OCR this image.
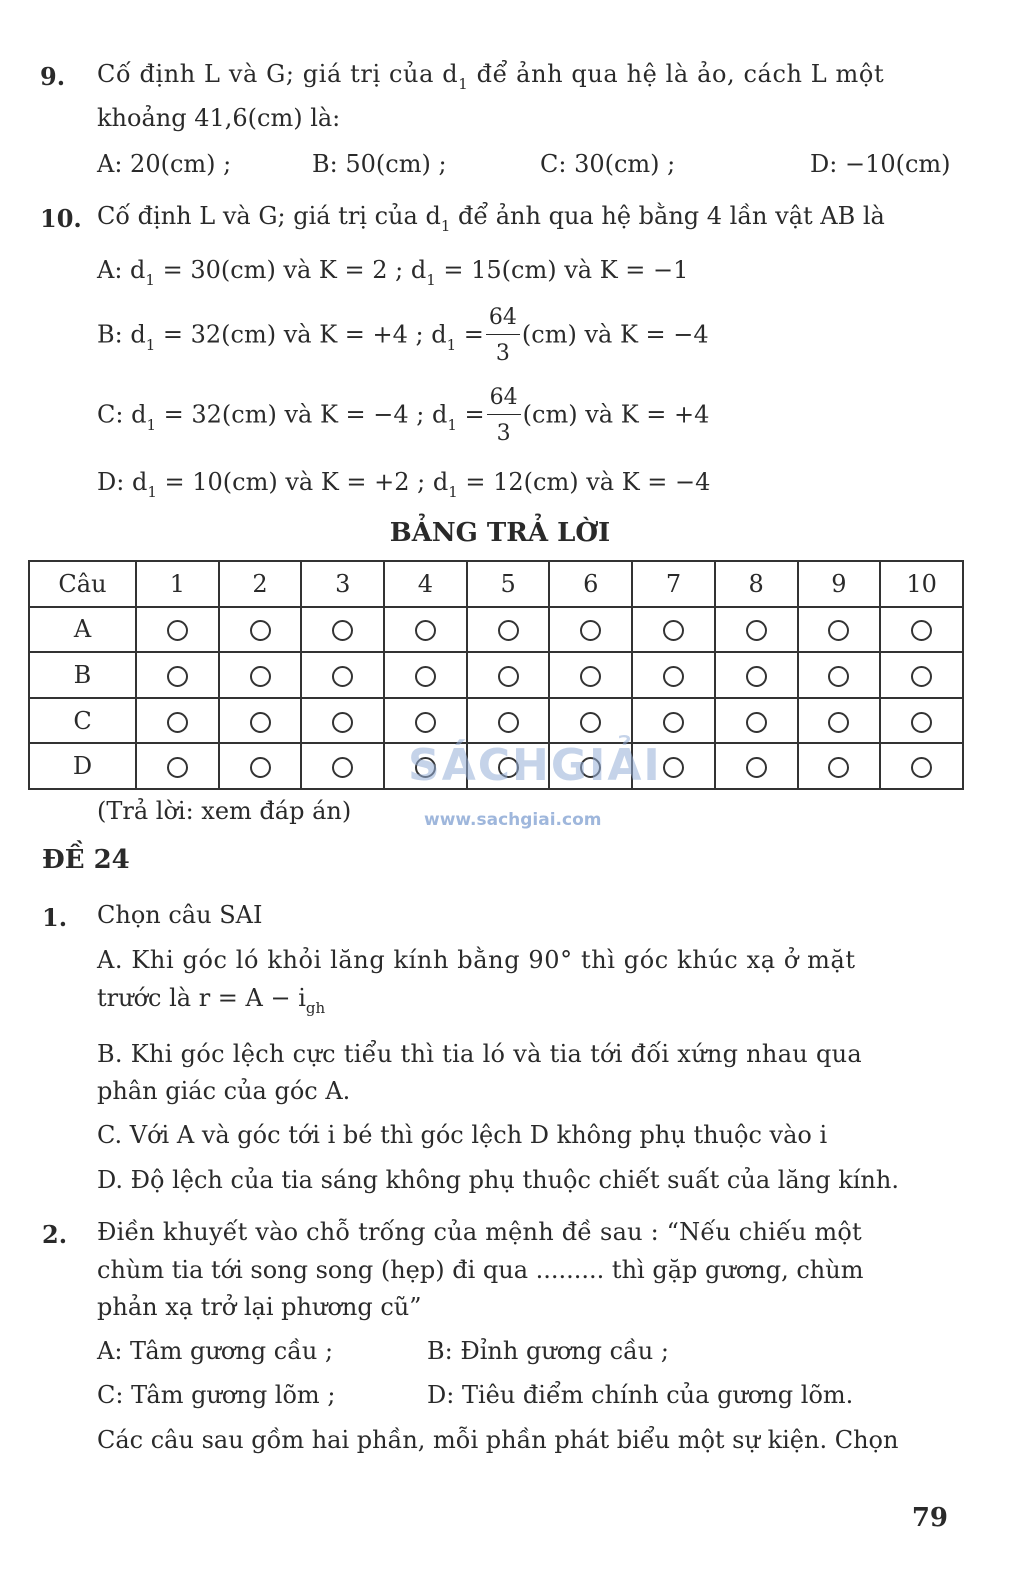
9. Cố định L và G; giá trị của $d_1$ để ảnh qua hệ là ảo, cách L một
khoảng 41,6(cm) là:
A: 20(cm) ;	B: 50(cm) ;	C: 30(cm) ;	D: −10(cm)
10. Cố định L và G; giá trị của $d_1$ để ảnh qua hệ bằng 4 lần vật AB là
A: $d_1 = 30(cm)$ và K = 2 ; $d_1 = 15(cm)$ và K = −1
B: $d_1 = 32(cm)$ và K = +4 ; $d_1 = \frac{64}{3} (cm)$ và K = −4
C: $d_1 = 32(cm)$ và K = −4 ; $d_1 = \frac{64}{3} (cm)$ và K = +4
D: $d_1 = 10(cm)$ và K = +2 ; $d_1 = 12(cm)$ và K = −4
BẢNG TRẢ LỜI
Câu	1	2	3	4	5	6	7	8	9	10
A										
B										
C										
D											SÁCHGIẢI
(Trả lời: xem đáp án)	www.sachgiai.com
ĐỀ 24
1. Chọn câu SAI
A. Khi góc ló khỏi lăng kính bằng 90° thì góc khúc xạ ở mặt
trước là $r = A - i_{gh}$
B. Khi góc lệch cực tiểu thì tia ló và tia tới đối xứng nhau qua
phân giác của góc A.
C. Với A và góc tới i bé thì góc lệch D không phụ thuộc vào i
D. Độ lệch của tia sáng không phụ thuộc chiết suất của lăng kính.
2. Điền khuyết vào chỗ trống của mệnh đề sau : “Nếu chiếu một
chùm tia tới song song (hẹp) đi qua ......... thì gặp gương, chùm
phản xạ trở lại phương cũ”
A: Tâm gương cầu ;	B: Đỉnh gương cầu ;
C: Tâm gương lõm ;	D: Tiêu điểm chính của gương lõm.
Các câu sau gồm hai phần, mỗi phần phát biểu một sự kiện. Chọn
79
